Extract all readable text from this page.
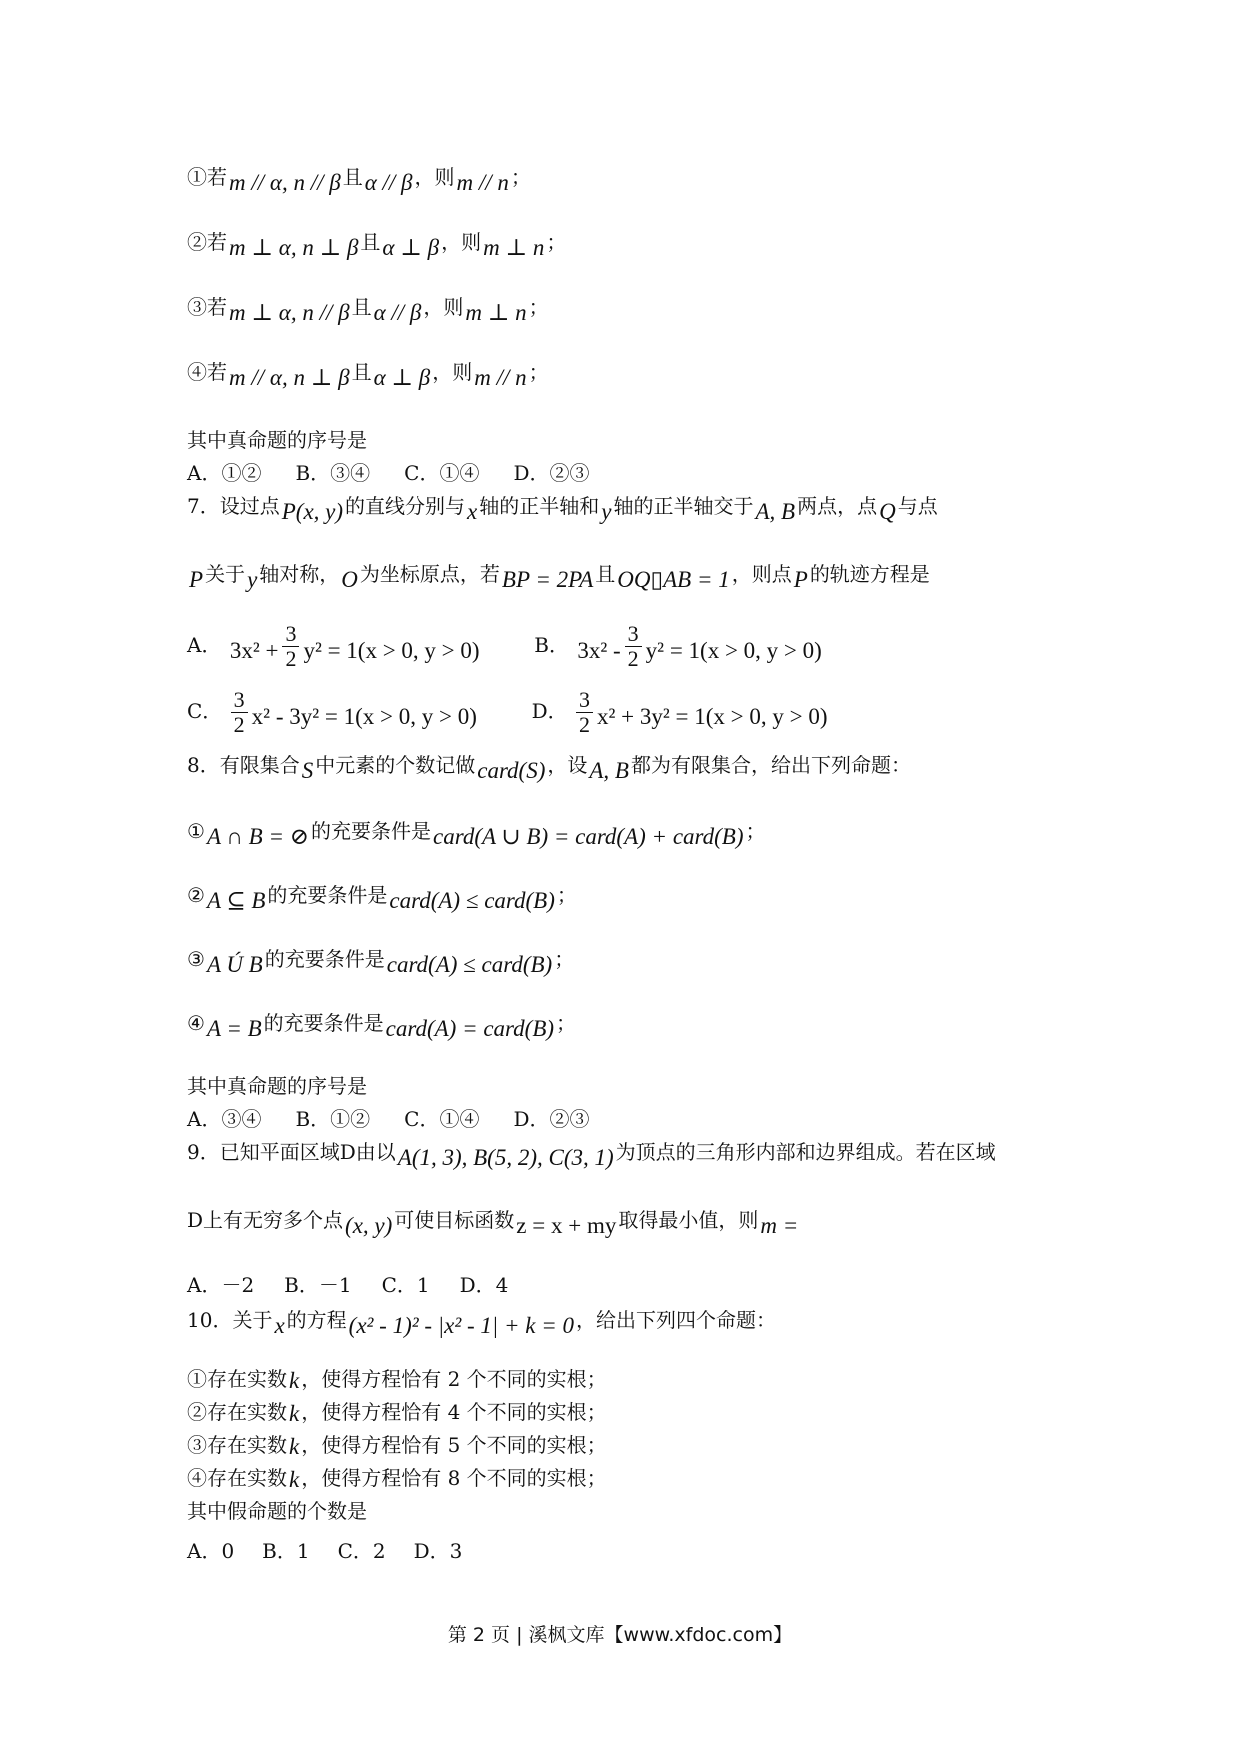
①若m // α, n // β 且α // β ，则m // n ；
②若m ⊥ α, n ⊥ β 且α ⊥ β ，则m ⊥ n ；
③若m ⊥ α, n // β 且α // β ，则m ⊥ n ；
④若m // α, n ⊥ β 且α ⊥ β ，则m // n ；
其中真命题的序号是
A．①② B．③④ C．①④ D．②③
7．设过点P(x, y) 的直线分别与x 轴的正半轴和y 轴的正半轴交于A, B 两点，点Q 与点
P 关于y 轴对称，O 为坐标原点，若BP = 2PA 且OQ▯AB = 1 ，则点P 的轨迹方程是
A． $3x^2 + \frac{3}{2} y^2 = 1(x > 0$, y > 0)	B． $3x^2 - \frac{3}{2} y^2 = 1(x > 0$, y > 0)
C． $\frac{3}{2} x^2 - 3y^2 = 1(x > 0$, y > 0)	D． $\frac{3}{2} x^2 + 3y^2 = 1(x > 0$, y > 0)
8．有限集合S 中元素的个数记做card(S) ，设A, B 都为有限集合，给出下列命题：
①A ∩ B = ⊘ 的充要条件是card(A ∪ B) = card(A) + card(B) ；
②A ⊆ B 的充要条件是card(A) ≤ card(B) ；
③A Ú B 的充要条件是card(A) ≤ card(B) ；
④A = B 的充要条件是card(A) = card(B) ；
其中真命题的序号是
A．③④ B．①② C．①④ D．②③
9．已知平面区域D由以A(1, 3), B(5, 2), C(3, 1) 为顶点的三角形内部和边界组成。若在区域
D上有无穷多个点(x, y) 可使目标函数z = x + my 取得最小值，则m =
A．－2 B．－1 C．1 D．4
10．关于x 的方程(x² - 1)² - |x² - 1| + k = 0 ，给出下列四个命题：
①存在实数k ，使得方程恰有 2 个不同的实根；
②存在实数k ，使得方程恰有 4 个不同的实根；
③存在实数k ，使得方程恰有 5 个不同的实根；
④存在实数k ，使得方程恰有 8 个不同的实根；
其中假命题的个数是
A．0 B．1 C．2 D．3
第 2 页 | 溪枫文库【www.xfdoc.com】
